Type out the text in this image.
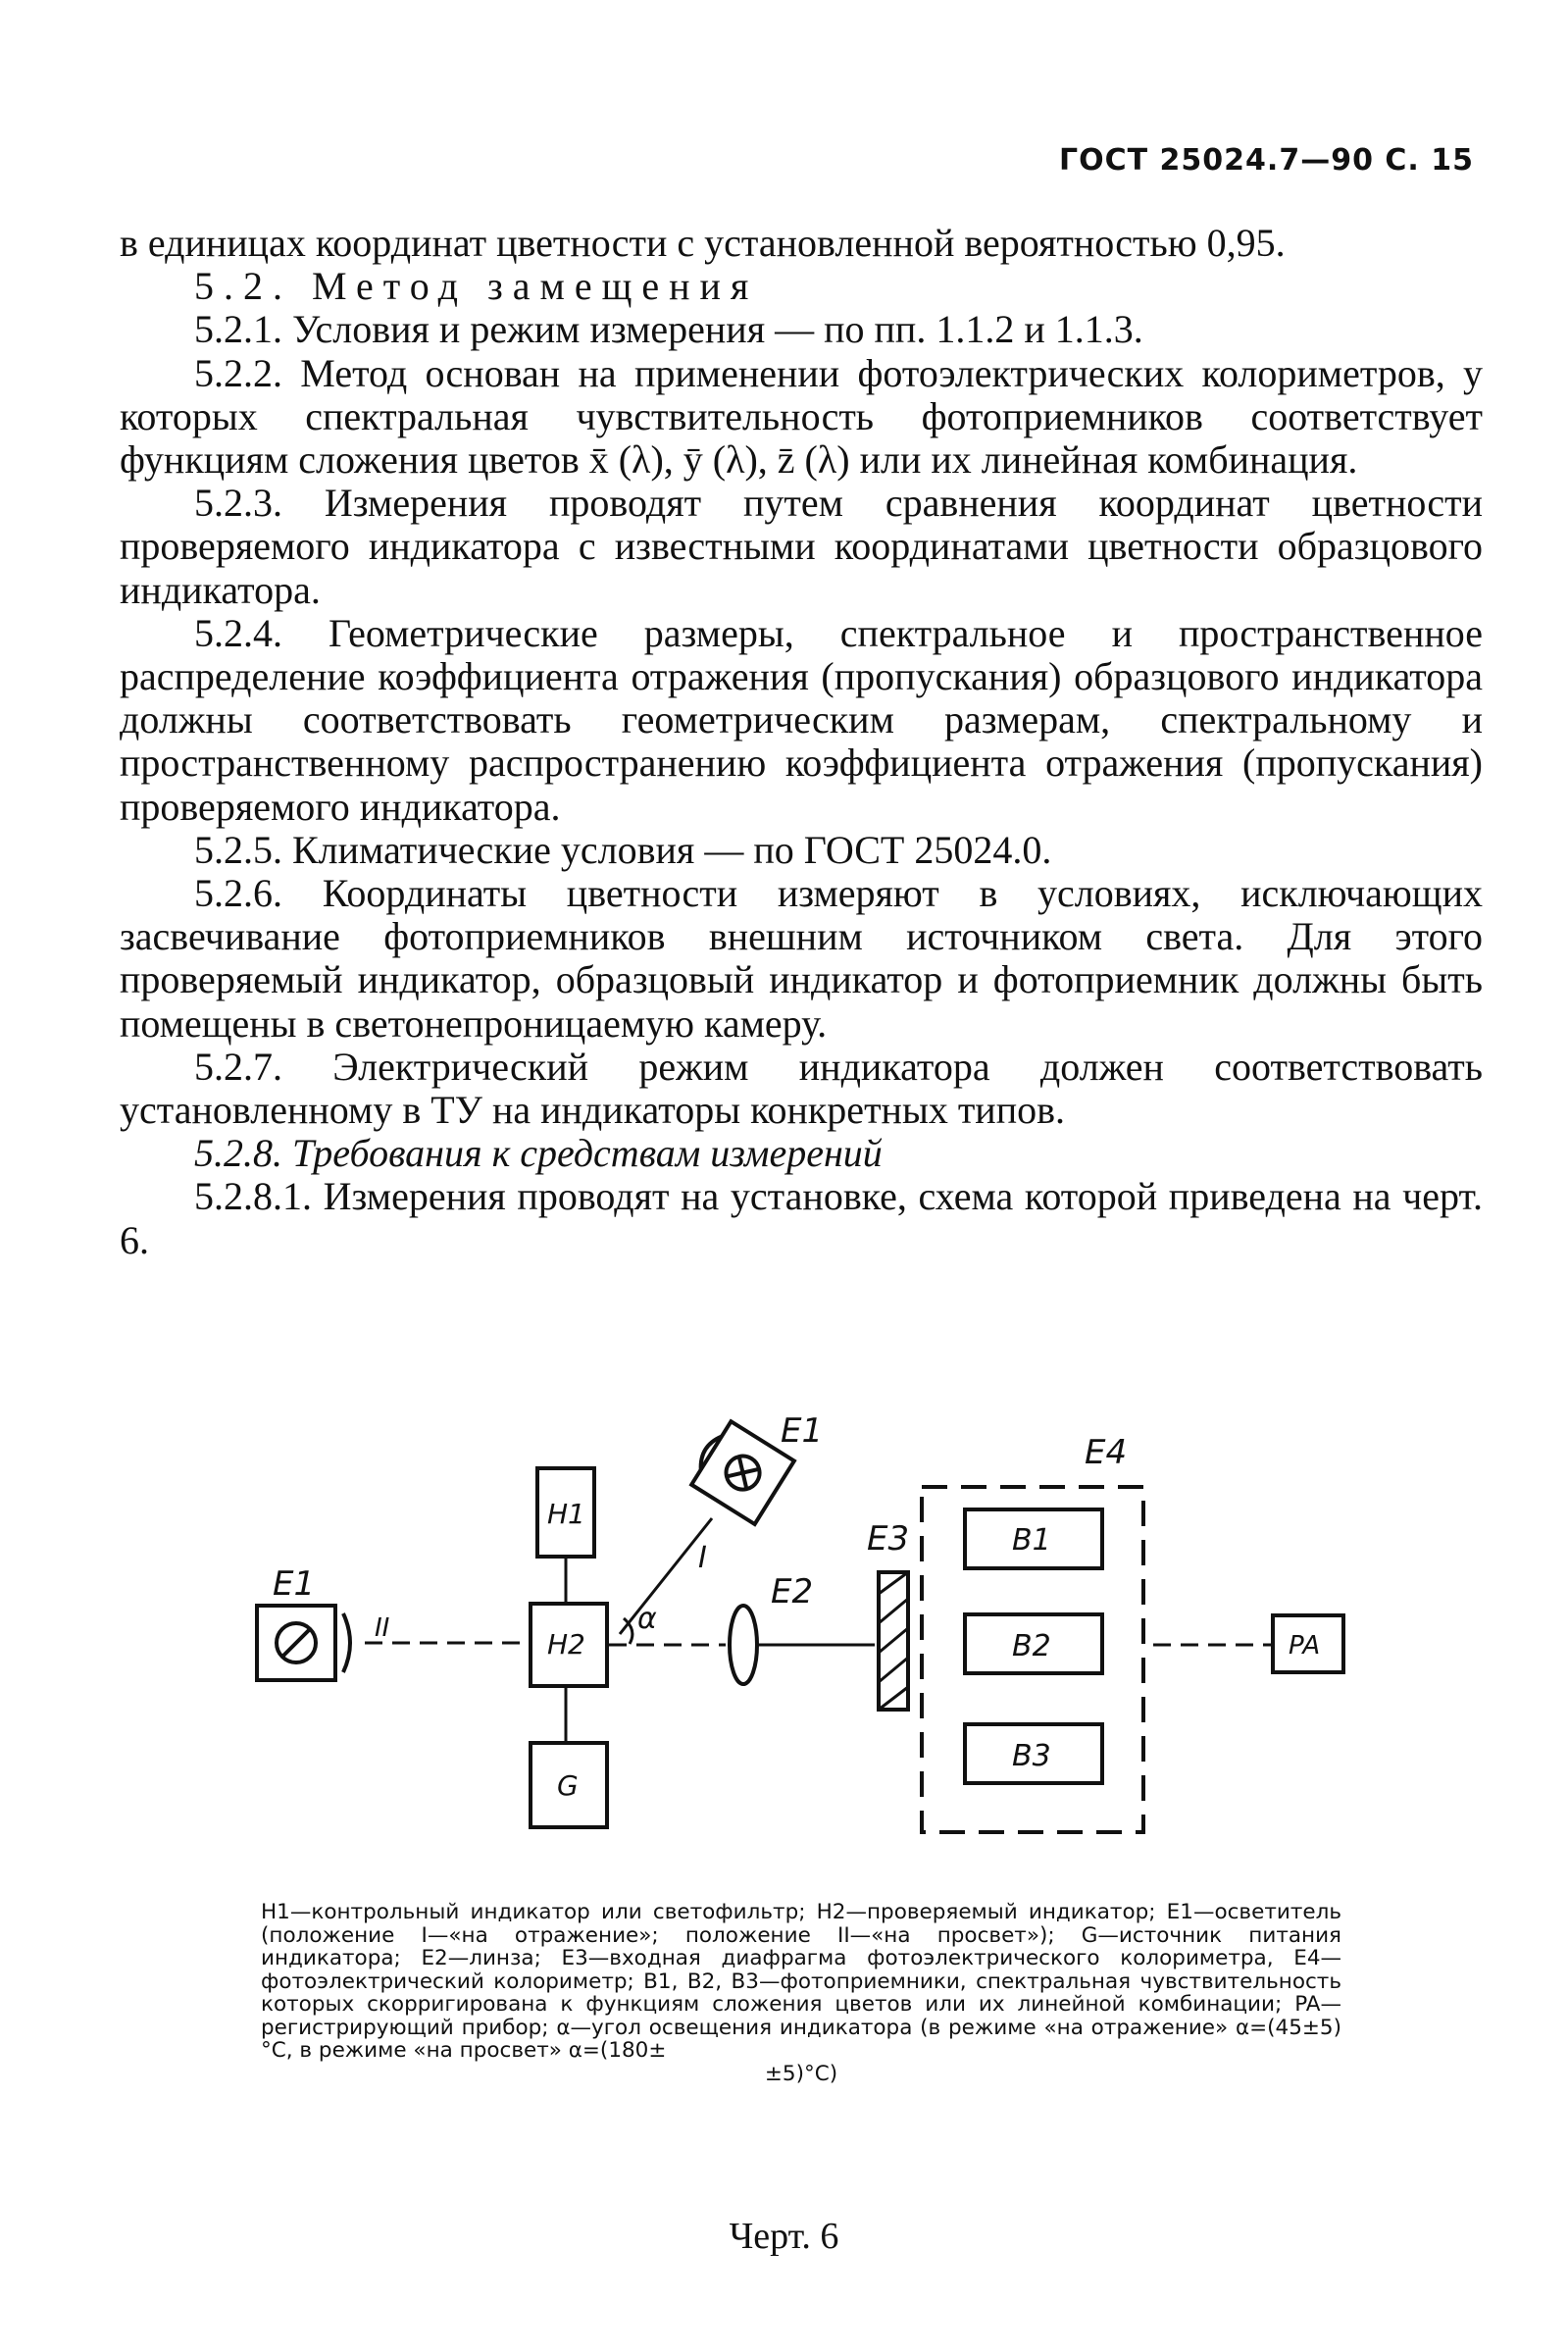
ГОСТ 25024.7—90 С. 15

в единицах координат цветности с установленной вероятностью 0,95.

5.2. Метод замещения

5.2.1. Условия и режим измерения — по пп. 1.1.2 и 1.1.3.

5.2.2. Метод основан на применении фотоэлектрических колориметров, у которых спектральная чувствительность фотоприемников соответствует функциям сложения цветов x̄ (λ), ȳ (λ), z̄ (λ) или их линейная комбинация.

5.2.3. Измерения проводят путем сравнения координат цветности проверяемого индикатора с известными координатами цветности образцового индикатора.

5.2.4. Геометрические размеры, спектральное и пространственное распределение коэффициента отражения (пропускания) образцового индикатора должны соответствовать геометрическим размерам, спектральному и пространственному распространению коэффициента отражения (пропускания) проверяемого индикатора.

5.2.5. Климатические условия — по ГОСТ 25024.0.

5.2.6. Координаты цветности измеряют в условиях, исключающих засвечивание фотоприемников внешним источником света. Для этого проверяемый индикатор, образцовый индикатор и фотоприемник должны быть помещены в светонепроницаемую камеру.

5.2.7. Электрический режим индикатора должен соответствовать установленному в ТУ на индикаторы конкретных типов.

5.2.8. Требования к средствам измерений

5.2.8.1. Измерения проводят на установке, схема которой приведена на черт. 6.

E1
II
H1
H2
G
E1
I
α
E2
E3
E4
B1
B2
B3
PA

H1—контрольный индикатор или светофильтр; H2—проверяемый индикатор; E1—осветитель (положение I—«на отражение»; положение II—«на просвет»); G—источник питания индикатора; E2—линза; E3—входная диафрагма фотоэлектрического колориметра, E4—фотоэлектрический колориметр; B1, B2, B3—фотоприемники, спектральная чувствительность которых скорригирована к функциям сложения цветов или их линейной комбинации; PA—регистрирующий прибор; α—угол освещения индикатора (в режиме «на отражение» α=(45±5)°С, в режиме «на просвет» α=(180±

±5)°С)

Черт. 6
